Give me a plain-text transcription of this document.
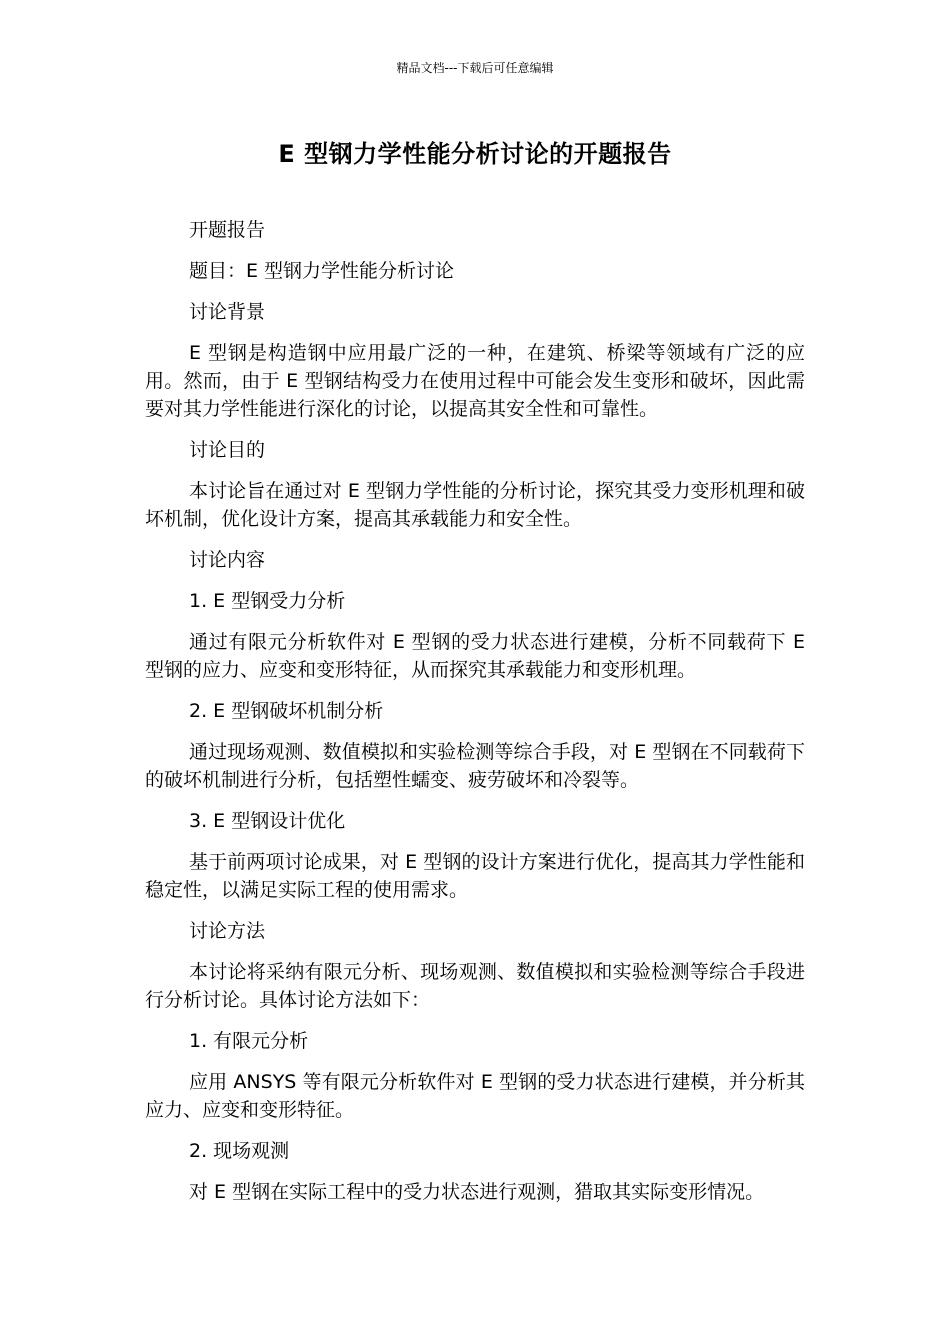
精品文档---下载后可任意编辑
E 型钢力学性能分析讨论的开题报告
开题报告
题目：E 型钢力学性能分析讨论
讨论背景
E 型钢是构造钢中应用最广泛的一种，在建筑、桥梁等领域有广泛的应用。然而，由于 E 型钢结构受力在使用过程中可能会发生变形和破坏，因此需要对其力学性能进行深化的讨论，以提高其安全性和可靠性。
讨论目的
本讨论旨在通过对 E 型钢力学性能的分析讨论，探究其受力变形机理和破坏机制，优化设计方案，提高其承载能力和安全性。
讨论内容
1. E 型钢受力分析
通过有限元分析软件对 E 型钢的受力状态进行建模，分析不同载荷下 E 型钢的应力、应变和变形特征，从而探究其承载能力和变形机理。
2. E 型钢破坏机制分析
通过现场观测、数值模拟和实验检测等综合手段，对 E 型钢在不同载荷下的破坏机制进行分析，包括塑性蠕变、疲劳破坏和冷裂等。
3. E 型钢设计优化
基于前两项讨论成果，对 E 型钢的设计方案进行优化，提高其力学性能和稳定性，以满足实际工程的使用需求。
讨论方法
本讨论将采纳有限元分析、现场观测、数值模拟和实验检测等综合手段进行分析讨论。具体讨论方法如下：
1. 有限元分析
应用 ANSYS 等有限元分析软件对 E 型钢的受力状态进行建模，并分析其应力、应变和变形特征。
2. 现场观测
对 E 型钢在实际工程中的受力状态进行观测，猎取其实际变形情况。
